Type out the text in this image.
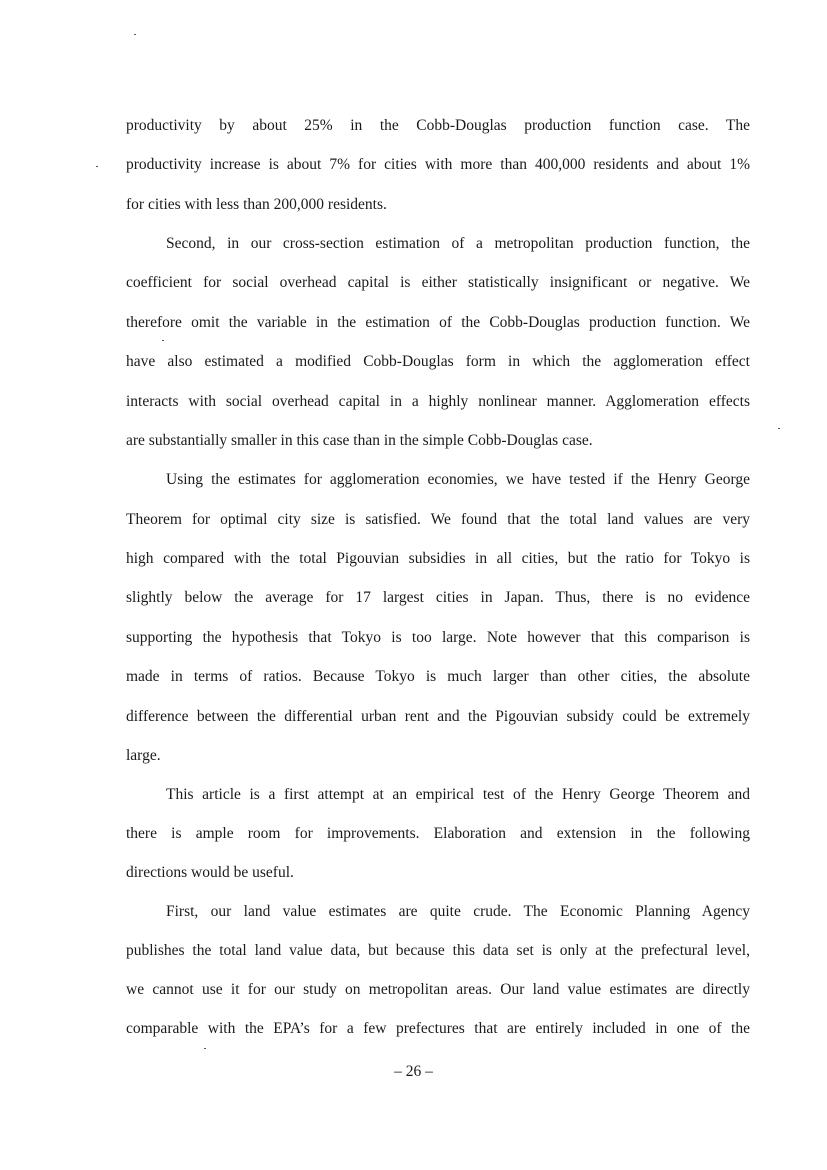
productivity by about 25% in the Cobb-Douglas production function case. The
productivity increase is about 7% for cities with more than 400,000 residents and about 1%
for cities with less than 200,000 residents.
Second, in our cross-section estimation of a metropolitan production function, the
coefficient for social overhead capital is either statistically insignificant or negative. We
therefore omit the variable in the estimation of the Cobb-Douglas production function. We
have also estimated a modified Cobb-Douglas form in which the agglomeration effect
interacts with social overhead capital in a highly nonlinear manner. Agglomeration effects
are substantially smaller in this case than in the simple Cobb-Douglas case.
Using the estimates for agglomeration economies, we have tested if the Henry George
Theorem for optimal city size is satisfied. We found that the total land values are very
high compared with the total Pigouvian subsidies in all cities, but the ratio for Tokyo is
slightly below the average for 17 largest cities in Japan. Thus, there is no evidence
supporting the hypothesis that Tokyo is too large. Note however that this comparison is
made in terms of ratios. Because Tokyo is much larger than other cities, the absolute
difference between the differential urban rent and the Pigouvian subsidy could be extremely
large.
This article is a first attempt at an empirical test of the Henry George Theorem and
there is ample room for improvements. Elaboration and extension in the following
directions would be useful.
First, our land value estimates are quite crude. The Economic Planning Agency
publishes the total land value data, but because this data set is only at the prefectural level,
we cannot use it for our study on metropolitan areas. Our land value estimates are directly
comparable with the EPA’s for a few prefectures that are entirely included in one of the
– 26 –
